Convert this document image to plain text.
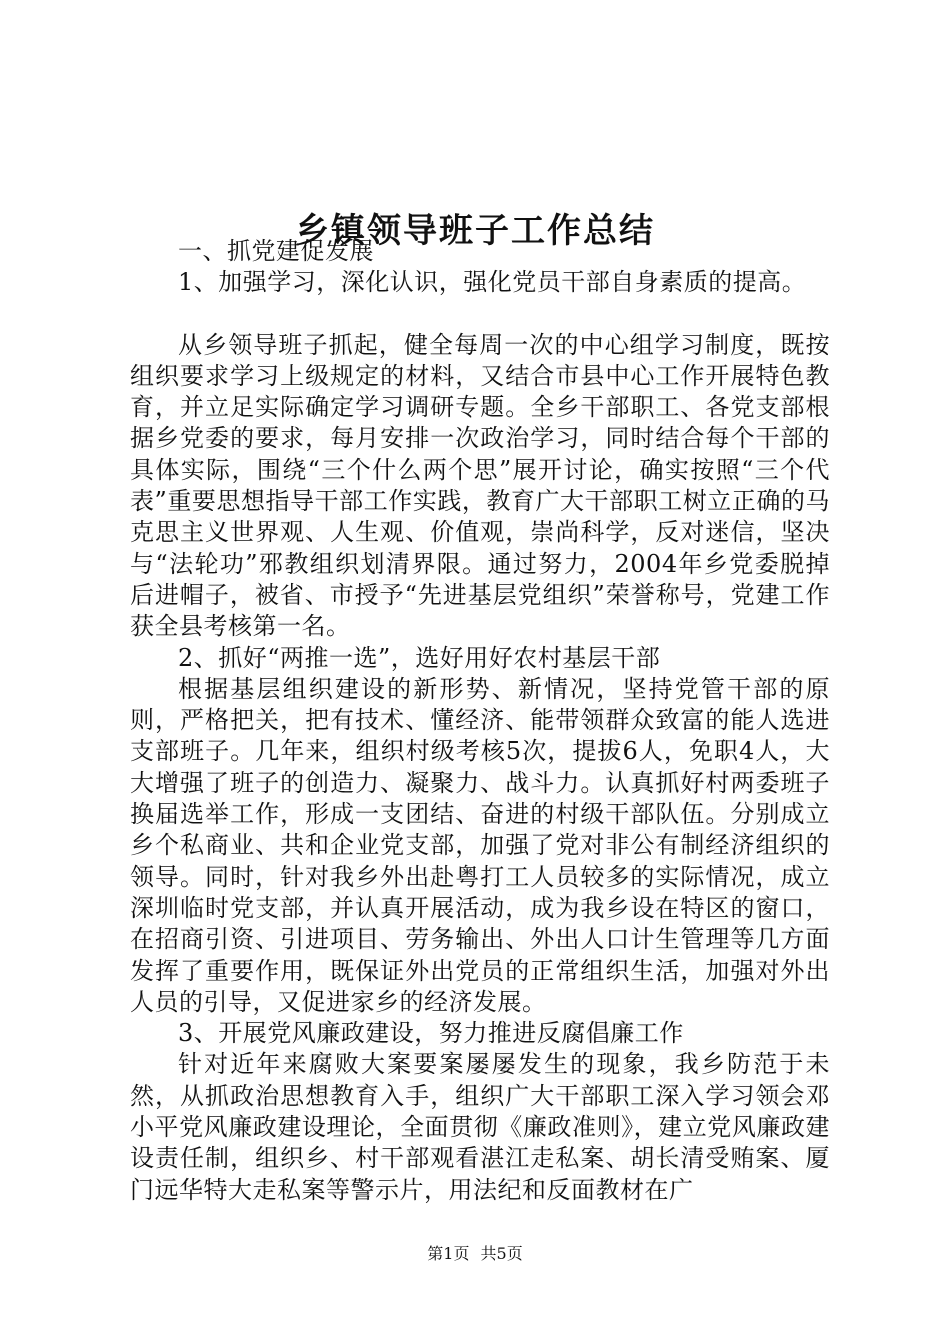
乡镇领导班子工作总结

一、抓党建促发展

1、加强学习，深化认识，强化党员干部自身素质的提高。

从乡领导班子抓起，健全每周一次的中心组学习制度，既按组织要求学习上级规定的材料，又结合市县中心工作开展特色教育，并立足实际确定学习调研专题。全乡干部职工、各党支部根据乡党委的要求，每月安排一次政治学习，同时结合每个干部的具体实际，围绕“三个什么两个思”展开讨论，确实按照“三个代表”重要思想指导干部工作实践，教育广大干部职工树立正确的马克思主义世界观、人生观、价值观，崇尚科学，反对迷信，坚决与“法轮功”邪教组织划清界限。通过努力，2004年乡党委脱掉后进帽子，被省、市授予“先进基层党组织”荣誉称号，党建工作获全县考核第一名。

2、抓好“两推一选”，选好用好农村基层干部

根据基层组织建设的新形势、新情况，坚持党管干部的原则，严格把关，把有技术、懂经济、能带领群众致富的能人选进支部班子。几年来，组织村级考核5次，提拔6人，免职4人，大大增强了班子的创造力、凝聚力、战斗力。认真抓好村两委班子换届选举工作，形成一支团结、奋进的村级干部队伍。分别成立乡个私商业、共和企业党支部，加强了党对非公有制经济组织的领导。同时，针对我乡外出赴粤打工人员较多的实际情况，成立深圳临时党支部，并认真开展活动，成为我乡设在特区的窗口，在招商引资、引进项目、劳务输出、外出人口计生管理等几方面发挥了重要作用，既保证外出党员的正常组织生活，加强对外出人员的引导，又促进家乡的经济发展。

3、开展党风廉政建设，努力推进反腐倡廉工作

针对近年来腐败大案要案屡屡发生的现象，我乡防范于未然，从抓政治思想教育入手，组织广大干部职工深入学习领会邓小平党风廉政建设理论，全面贯彻《廉政准则》，建立党风廉政建设责任制，组织乡、村干部观看湛江走私案、胡长清受贿案、厦门远华特大走私案等警示片，用法纪和反面教材在广

第1页 共5页
